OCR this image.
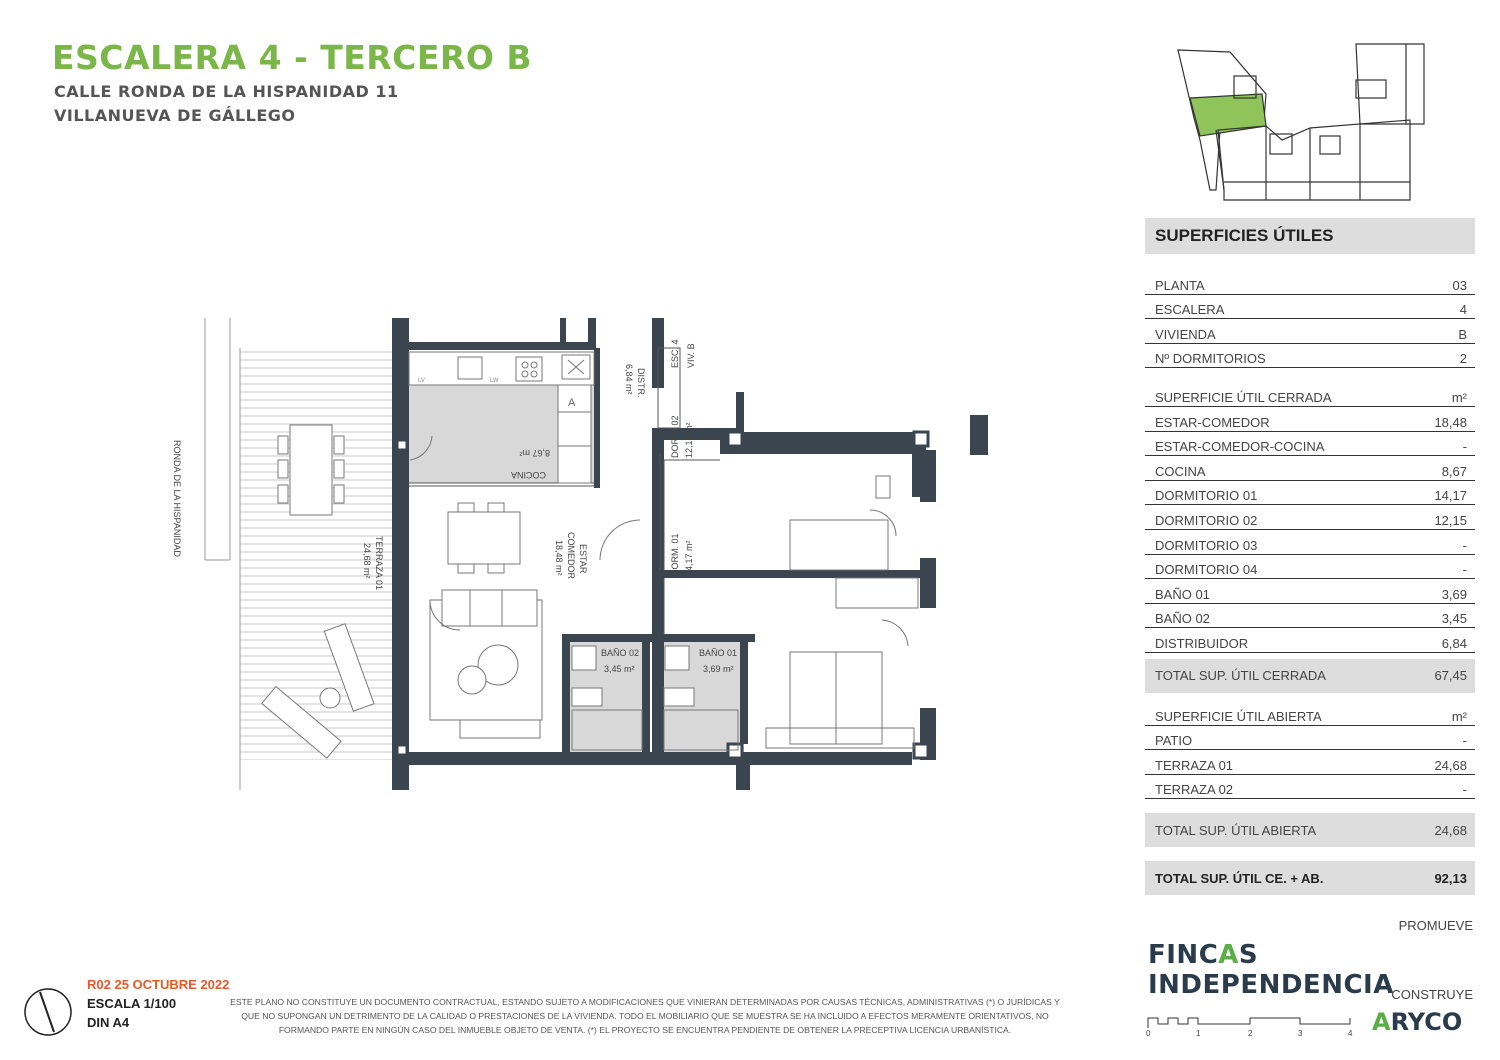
ESCALERA 4 - TERCERO B
CALLE RONDA DE LA HISPANIDAD 11
VILLANUEVA DE GÁLLEGO
RONDA DE LA HISPANIDAD
TERRAZA 01
24,68 m²	ESTAR
COMEDOR
18,48 m²
COCINA
8,67 m²
DISTR.
6,84 m²
ESC. 4 VIV. B
DORM. 02 12,15 m²
DORM. 01 14,17 m²
BAÑO 02
3,45 m²
BAÑO 01
3,69 m²
LV	LW
A
SUPERFICIES ÚTILES
PLANTA	03
ESCALERA	4
VIVIENDA	B
Nº DORMITORIOS	2
SUPERFICIE ÚTIL CERRADA	m²
ESTAR-COMEDOR	18,48
ESTAR-COMEDOR-COCINA	-
COCINA	8,67
DORMITORIO 01	14,17
DORMITORIO 02	12,15
DORMITORIO 03	-
DORMITORIO 04	-
BAÑO 01	3,69
BAÑO 02	3,45
DISTRIBUIDOR	6,84
TOTAL SUP. ÚTIL CERRADA	67,45
SUPERFICIE ÚTIL ABIERTA	m²
PATIO	-
TERRAZA 01	24,68
TERRAZA 02	-
TOTAL SUP. ÚTIL ABIERTA	24,68
TOTAL SUP. ÚTIL CE. + AB.	92,13
PROMUEVE
FINCAS INDEPENDENCIA
CONSTRUYE
ARYCO
0	1	2	3	4
R02 25 OCTUBRE 2022
ESCALA 1/100
DIN A4
ESTE PLANO NO CONSTITUYE UN DOCUMENTO CONTRACTUAL, ESTANDO SUJETO A MODIFICACIONES QUE VINIERAN DETERMINADAS POR CAUSAS TÉCNICAS, ADMINISTRATIVAS (*) O JURÍDICAS Y
QUE NO SUPONGAN UN DETRIMENTO DE LA CALIDAD O PRESTACIONES DE LA VIVIENDA. TODO EL MOBILIARIO QUE SE MUESTRA SE HA INCLUIDO A EFECTOS MERAMENTE ORIENTATIVOS, NO
FORMANDO PARTE EN NINGÚN CASO DEL INMUEBLE OBJETO DE VENTA. (*) EL PROYECTO SE ENCUENTRA PENDIENTE DE OBTENER LA PRECEPTIVA LICENCIA URBANÍSTICA.
